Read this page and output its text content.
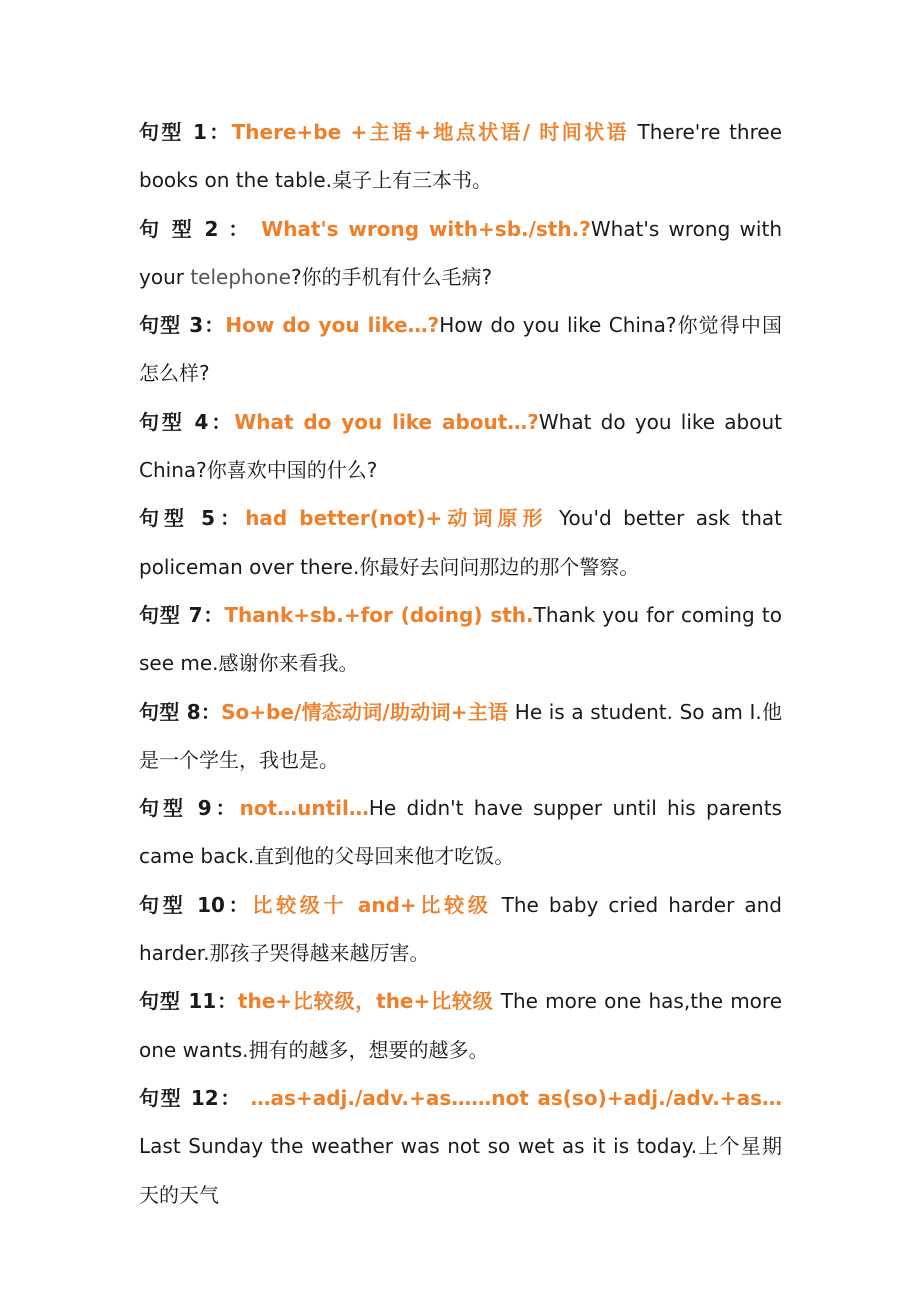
句型 1：There+be +主语+地点状语/ 时间状语 There're three books on the table.桌子上有三本书。

句 型 2 ： What's wrong with+sb./sth.?What's wrong with your telephone?你的手机有什么毛病?

句型 3：How do you like…?How do you like China?你觉得中国怎么样?

句型 4：What do you like about…?What do you like about China?你喜欢中国的什么?

句型 5：had better(not)+动词原形 You'd better ask that policeman over there.你最好去问问那边的那个警察。

句型 7：Thank+sb.+for (doing) sth.Thank you for coming to see me.感谢你来看我。

句型 8：So+be/情态动词/助动词+主语 He is a student. So am I.他是一个学生，我也是。

句型 9：not…until…He didn't have supper until his parents came back.直到他的父母回来他才吃饭。

句型 10：比较级十 and+比较级 The baby cried harder and harder.那孩子哭得越来越厉害。

句型 11：the+比较级，the+比较级 The more one has,the more one wants.拥有的越多，想要的越多。

句型 12： …as+adj./adv.+as……not as(so)+adj./adv.+as…Last Sunday the weather was not so wet as it is today.上个星期天的天气
